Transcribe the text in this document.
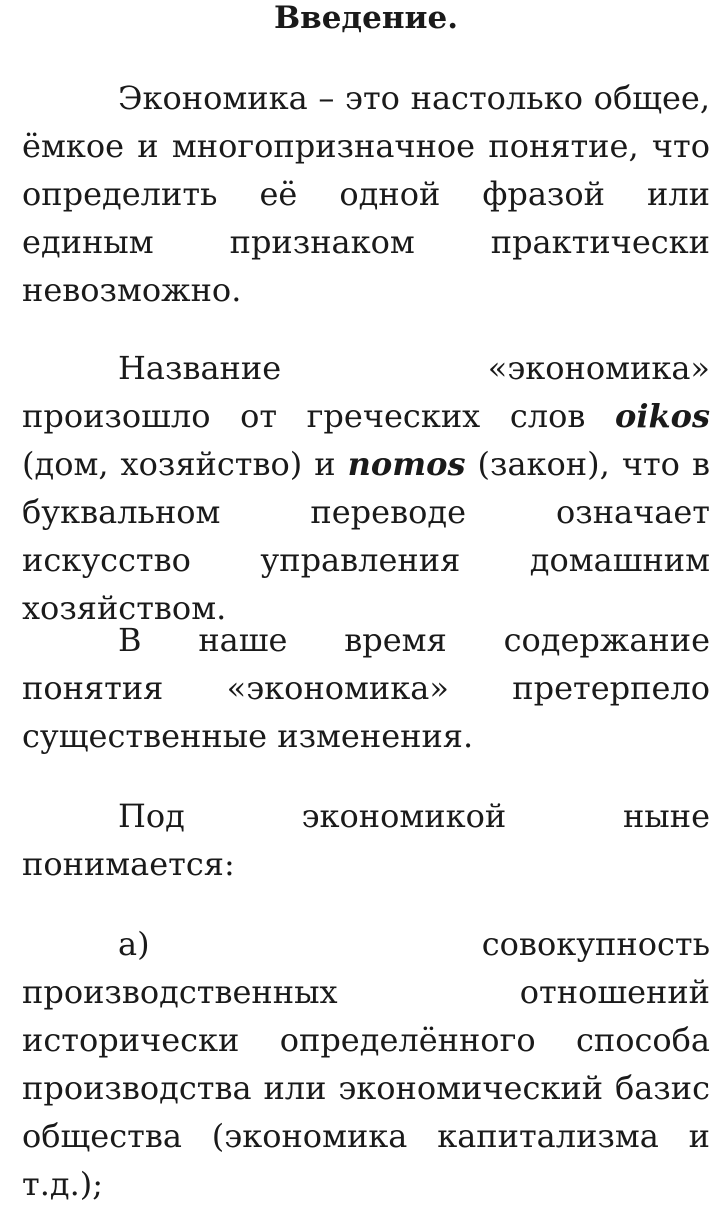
Введение.

Экономика – это настолько общее, ёмкое и многопризначное понятие, что определить её одной фразой или единым признаком практически невозможно.

Название «экономика» произошло от греческих слов oikos (дом, хозяйство) и nomos (закон), что в буквальном переводе означает искусство управления домашним хозяйством.

В наше время содержание понятия «экономика» претерпело существенные изменения.

Под экономикой ныне понимается:

а) совокупность производственных отношений исторически определённого способа производства или экономический базис общества (экономика капитализма и т.д.);
